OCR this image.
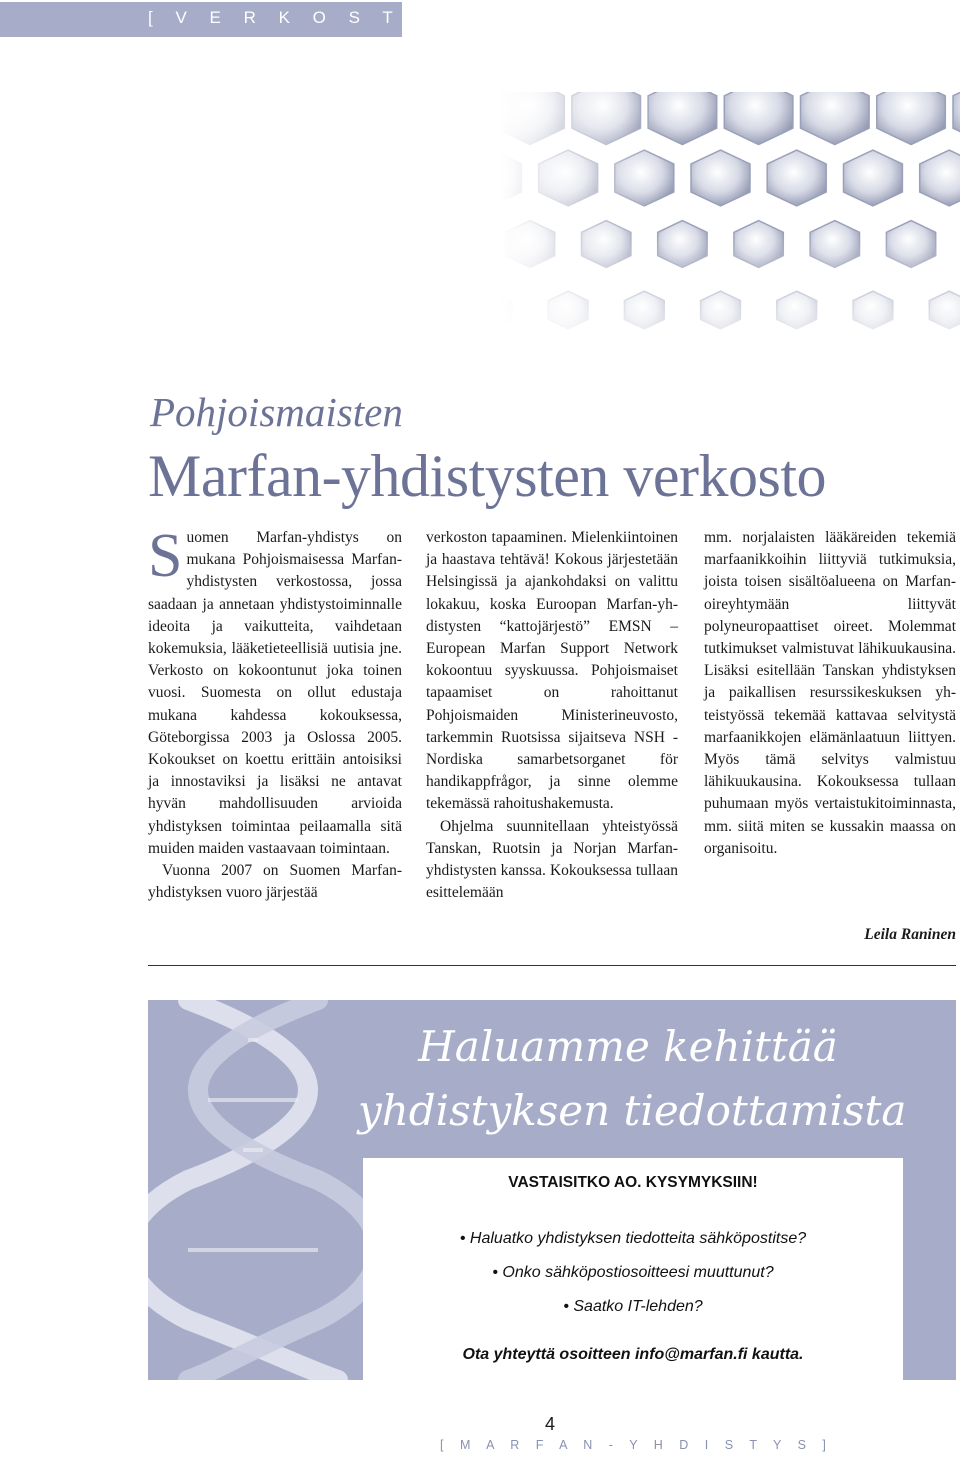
[ V E R K O S T O ]
Pohjoismaisten
Marfan-yhdistysten verkosto

Suomen Marfan-yhdistys on mukana Pohjoismaisessa Marfan-yhdistysten verkostossa, jossa saadaan ja annetaan yhdistystoiminnalle ideoita ja vaikutteita, vaihdetaan kokemuksia, lääketieteellisiä uutisia jne. Verkosto on kokoontunut joka toinen vuosi. Suomesta on ollut edustaja mukana kahdessa kokouksessa, Göteborgissa 2003 ja Oslossa 2005. Kokoukset on koettu erittäin antoisiksi ja innostaviksi ja lisäksi ne antavat hyvän mahdollisuuden arvioida yhdistyksen toimintaa peilaamalla sitä muiden maiden vastaavaan toimintaan.

Vuonna 2007 on Suomen Marfan-yhdistyksen vuoro järjestää

verkoston tapaaminen. Mielenkiintoinen ja haastava tehtävä! Kokous järjestetään Helsingissä ja ajankohdaksi on valittu lokakuu, koska Euroopan Marfan-yhdistysten “kattojärjestö” EMSN – European Marfan Support Network kokoontuu syyskuussa. Pohjoismaiset tapaamiset on rahoittanut Pohjoismaiden Ministerineuvosto, tarkemmin Ruotsissa sijaitseva NSH - Nordiska samarbetsorganet för handikappfrågor, ja sinne olemme tekemässä rahoitushakemusta.

Ohjelma suunnitellaan yhteistyössä Tanskan, Ruotsin ja Norjan Marfan-yhdistysten kanssa. Kokouksessa tullaan esittelemään

mm. norjalaisten lääkäreiden tekemiä marfaanikkoihin liittyviä tutkimuksia, joista toisen sisältöalueena on Marfan-oireyhtymään liittyvät polyneuropaattiset oireet. Molemmat tutkimukset valmistuvat lähikuukausina. Lisäksi esitellään Tanskan yhdistyksen ja paikallisen resurssikeskuksen yhteistyössä tekemää kattavaa selvitystä marfaanikkojen elämänlaatuun liittyen. Myös tämä selvitys valmistuu lähikuukausina. Kokouksessa tullaan puhumaan myös vertaistukitoiminnasta, mm. siitä miten se kussakin maassa on organisoitu.

Leila Raninen
Haluamme kehittää
yhdistyksen tiedottamista
VASTAISITKO AO. KYSYMYKSIIN!
• Haluatko yhdistyksen tiedotteita sähköpostitse?
• Onko sähköpostiosoitteesi muuttunut?
• Saatko IT-lehden?
Ota yhteyttä osoitteen info@marfan.fi kautta.
4
[ M A R F A N - Y H D I S T Y S ]
